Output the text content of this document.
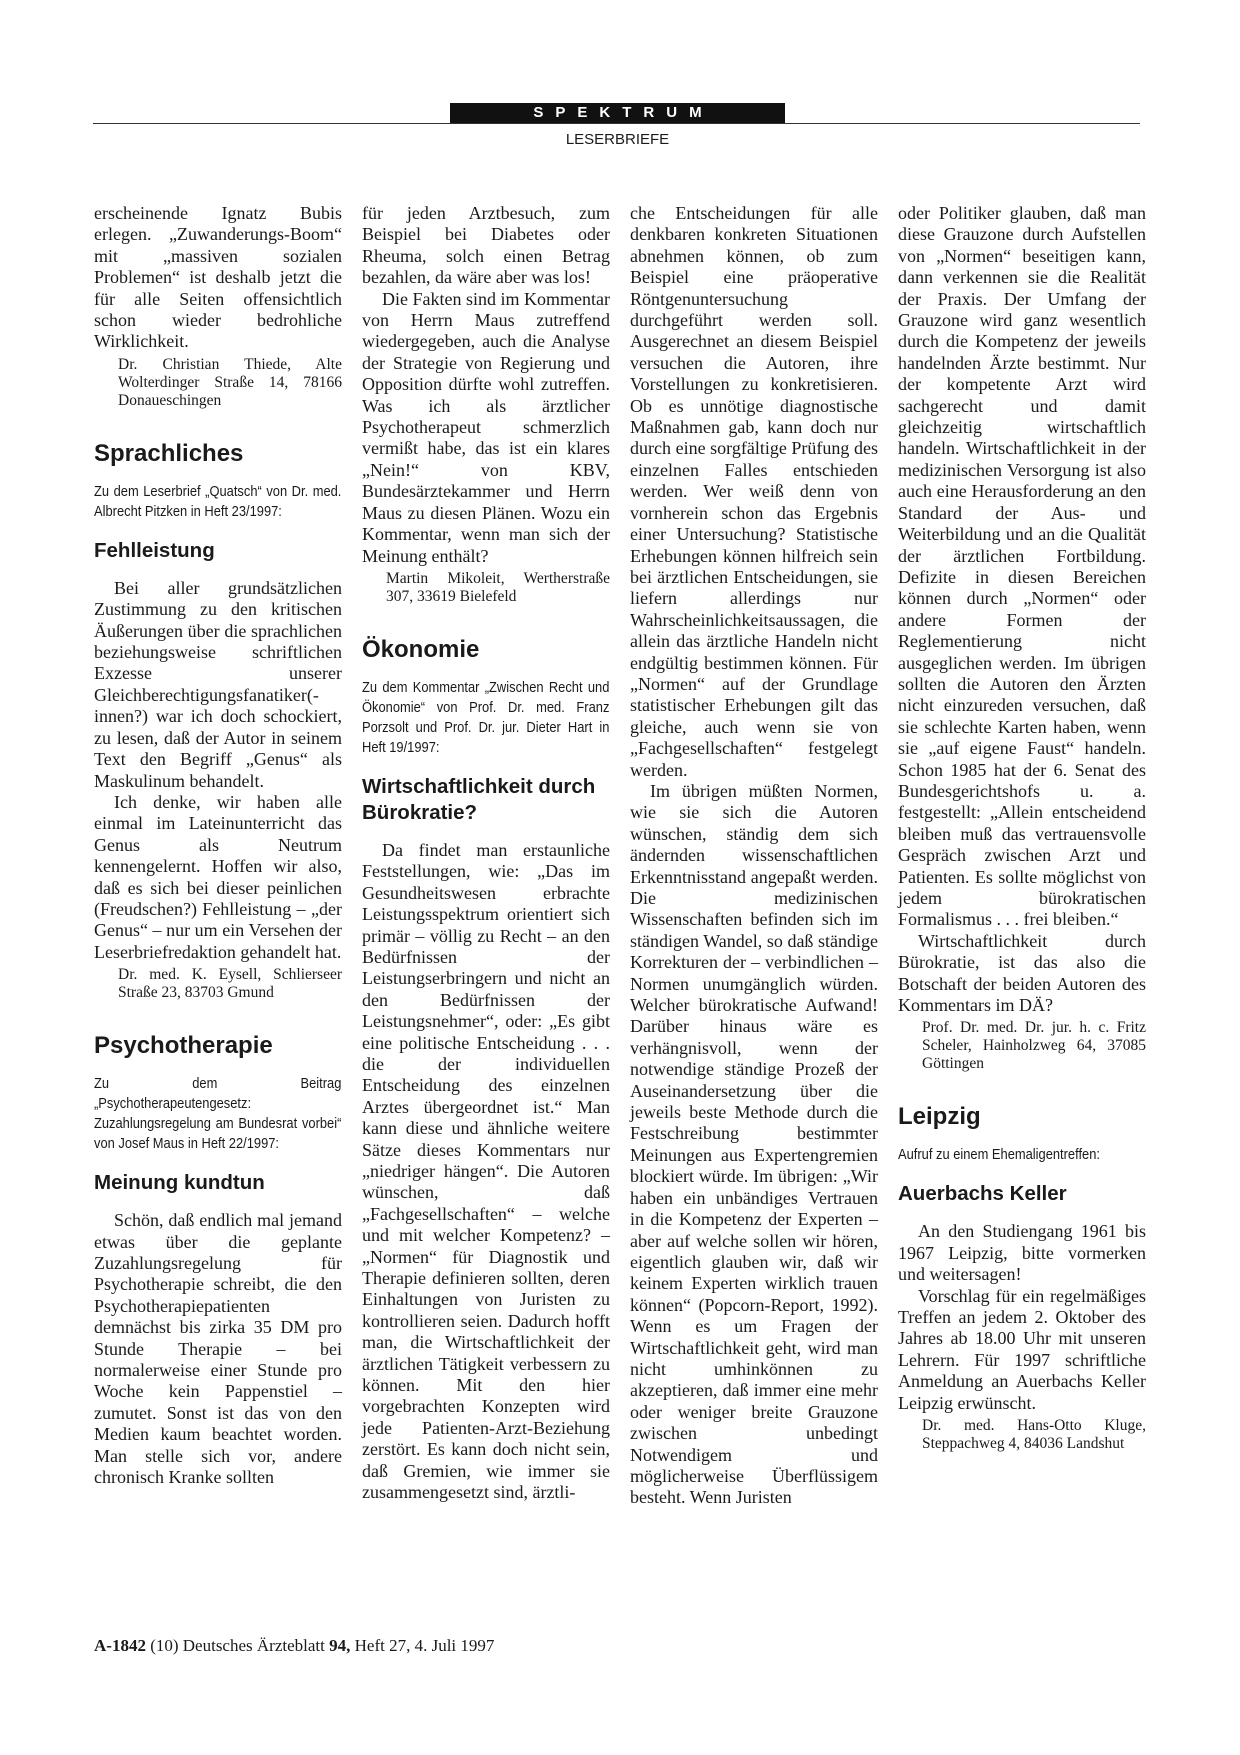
SPEKTRUM
LESERBRIEFE

erscheinende Ignatz Bubis erlegen. „Zuwanderungs-Boom“ mit „massiven sozialen Problemen“ ist deshalb jetzt die für alle Seiten offensichtlich schon wieder bedrohliche Wirklichkeit.

Dr. Christian Thiede, Alte Wolterdinger Straße 14, 78166 Donaueschingen
Sprachliches
Zu dem Leserbrief „Quatsch“ von Dr. med. Albrecht Pitzken in Heft 23/1997:
Fehlleistung

Bei aller grundsätzlichen Zustimmung zu den kritischen Äußerungen über die sprachlichen beziehungsweise schriftlichen Exzesse unserer Gleichberechtigungsfanatiker(-innen?) war ich doch schockiert, zu lesen, daß der Autor in seinem Text den Begriff „Genus“ als Maskulinum behandelt.

Ich denke, wir haben alle einmal im Lateinunterricht das Genus als Neutrum kennengelernt. Hoffen wir also, daß es sich bei dieser peinlichen (Freudschen?) Fehlleistung – „der Genus“ – nur um ein Versehen der Leserbriefredaktion gehandelt hat.

Dr. med. K. Eysell, Schlierseer Straße 23, 83703 Gmund
Psychotherapie
Zu dem Beitrag „Psychotherapeutengesetz: Zuzahlungsregelung am Bundesrat vorbei“ von Josef Maus in Heft 22/1997:
Meinung kundtun

Schön, daß endlich mal jemand etwas über die geplante Zuzahlungsregelung für Psychotherapie schreibt, die den Psychotherapiepatienten demnächst bis zirka 35 DM pro Stunde Therapie – bei normalerweise einer Stunde pro Woche kein Pappenstiel – zumutet. Sonst ist das von den Medien kaum beachtet worden. Man stelle sich vor, andere chronisch Kranke sollten

für jeden Arztbesuch, zum Beispiel bei Diabetes oder Rheuma, solch einen Betrag bezahlen, da wäre aber was los!

Die Fakten sind im Kommentar von Herrn Maus zutreffend wiedergegeben, auch die Analyse der Strategie von Regierung und Opposition dürfte wohl zutreffen. Was ich als ärztlicher Psychotherapeut schmerzlich vermißt habe, das ist ein klares „Nein!“ von KBV, Bundesärztekammer und Herrn Maus zu diesen Plänen. Wozu ein Kommentar, wenn man sich der Meinung enthält?

Martin Mikoleit, Wertherstraße 307, 33619 Bielefeld
Ökonomie
Zu dem Kommentar „Zwischen Recht und Ökonomie“ von Prof. Dr. med. Franz Porzsolt und Prof. Dr. jur. Dieter Hart in Heft 19/1997:
Wirtschaftlichkeit durch Bürokratie?

Da findet man erstaunliche Feststellungen, wie: „Das im Gesundheitswesen erbrachte Leistungsspektrum orientiert sich primär – völlig zu Recht – an den Bedürfnissen der Leistungserbringern und nicht an den Bedürfnissen der Leistungsnehmer“, oder: „Es gibt eine politische Entscheidung . . . die der individuellen Entscheidung des einzelnen Arztes übergeordnet ist.“ Man kann diese und ähnliche weitere Sätze dieses Kommentars nur „niedriger hängen“. Die Autoren wünschen, daß „Fachgesellschaften“ – welche und mit welcher Kompetenz? – „Normen“ für Diagnostik und Therapie definieren sollten, deren Einhaltungen von Juristen zu kontrollieren seien. Dadurch hofft man, die Wirtschaftlichkeit der ärztlichen Tätigkeit verbessern zu können. Mit den hier vorgebrachten Konzepten wird jede Patienten-Arzt-Beziehung zerstört. Es kann doch nicht sein, daß Gremien, wie immer sie zusammengesetzt sind, ärztli-

che Entscheidungen für alle denkbaren konkreten Situationen abnehmen können, ob zum Beispiel eine präoperative Röntgenuntersuchung durchgeführt werden soll. Ausgerechnet an diesem Beispiel versuchen die Autoren, ihre Vorstellungen zu konkretisieren. Ob es unnötige diagnostische Maßnahmen gab, kann doch nur durch eine sorgfältige Prüfung des einzelnen Falles entschieden werden. Wer weiß denn von vornherein schon das Ergebnis einer Untersuchung? Statistische Erhebungen können hilfreich sein bei ärztlichen Entscheidungen, sie liefern allerdings nur Wahrscheinlichkeitsaussagen, die allein das ärztliche Handeln nicht endgültig bestimmen können. Für „Normen“ auf der Grundlage statistischer Erhebungen gilt das gleiche, auch wenn sie von „Fachgesellschaften“ festgelegt werden.

Im übrigen müßten Normen, wie sie sich die Autoren wünschen, ständig dem sich ändernden wissenschaftlichen Erkenntnisstand angepaßt werden. Die medizinischen Wissenschaften befinden sich im ständigen Wandel, so daß ständige Korrekturen der – verbindlichen – Normen unumgänglich würden. Welcher bürokratische Aufwand! Darüber hinaus wäre es verhängnisvoll, wenn der notwendige ständige Prozeß der Auseinandersetzung über die jeweils beste Methode durch die Festschreibung bestimmter Meinungen aus Expertengremien blockiert würde. Im übrigen: „Wir haben ein unbändiges Vertrauen in die Kompetenz der Experten – aber auf welche sollen wir hören, eigentlich glauben wir, daß wir keinem Experten wirklich trauen können“ (Popcorn-Report, 1992). Wenn es um Fragen der Wirtschaftlichkeit geht, wird man nicht umhinkönnen zu akzeptieren, daß immer eine mehr oder weniger breite Grauzone zwischen unbedingt Notwendigem und möglicherweise Überflüssigem besteht. Wenn Juristen

oder Politiker glauben, daß man diese Grauzone durch Aufstellen von „Normen“ beseitigen kann, dann verkennen sie die Realität der Praxis. Der Umfang der Grauzone wird ganz wesentlich durch die Kompetenz der jeweils handelnden Ärzte bestimmt. Nur der kompetente Arzt wird sachgerecht und damit gleichzeitig wirtschaftlich handeln. Wirtschaftlichkeit in der medizinischen Versorgung ist also auch eine Herausforderung an den Standard der Aus- und Weiterbildung und an die Qualität der ärztlichen Fortbildung. Defizite in diesen Bereichen können durch „Normen“ oder andere Formen der Reglementierung nicht ausgeglichen werden. Im übrigen sollten die Autoren den Ärzten nicht einzureden versuchen, daß sie schlechte Karten haben, wenn sie „auf eigene Faust“ handeln. Schon 1985 hat der 6. Senat des Bundesgerichtshofs u. a. festgestellt: „Allein entscheidend bleiben muß das vertrauensvolle Gespräch zwischen Arzt und Patienten. Es sollte möglichst von jedem bürokratischen Formalismus . . . frei bleiben.“

Wirtschaftlichkeit durch Bürokratie, ist das also die Botschaft der beiden Autoren des Kommentars im DÄ?

Prof. Dr. med. Dr. jur. h. c. Fritz Scheler, Hainholzweg 64, 37085 Göttingen
Leipzig
Aufruf zu einem Ehemaligentreffen:
Auerbachs Keller

An den Studiengang 1961 bis 1967 Leipzig, bitte vormerken und weitersagen!

Vorschlag für ein regelmäßiges Treffen an jedem 2. Oktober des Jahres ab 18.00 Uhr mit unseren Lehrern. Für 1997 schriftliche Anmeldung an Auerbachs Keller Leipzig erwünscht.

Dr. med. Hans-Otto Kluge, Steppachweg 4, 84036 Landshut
A-1842 (10) Deutsches Ärzteblatt 94, Heft 27, 4. Juli 1997
